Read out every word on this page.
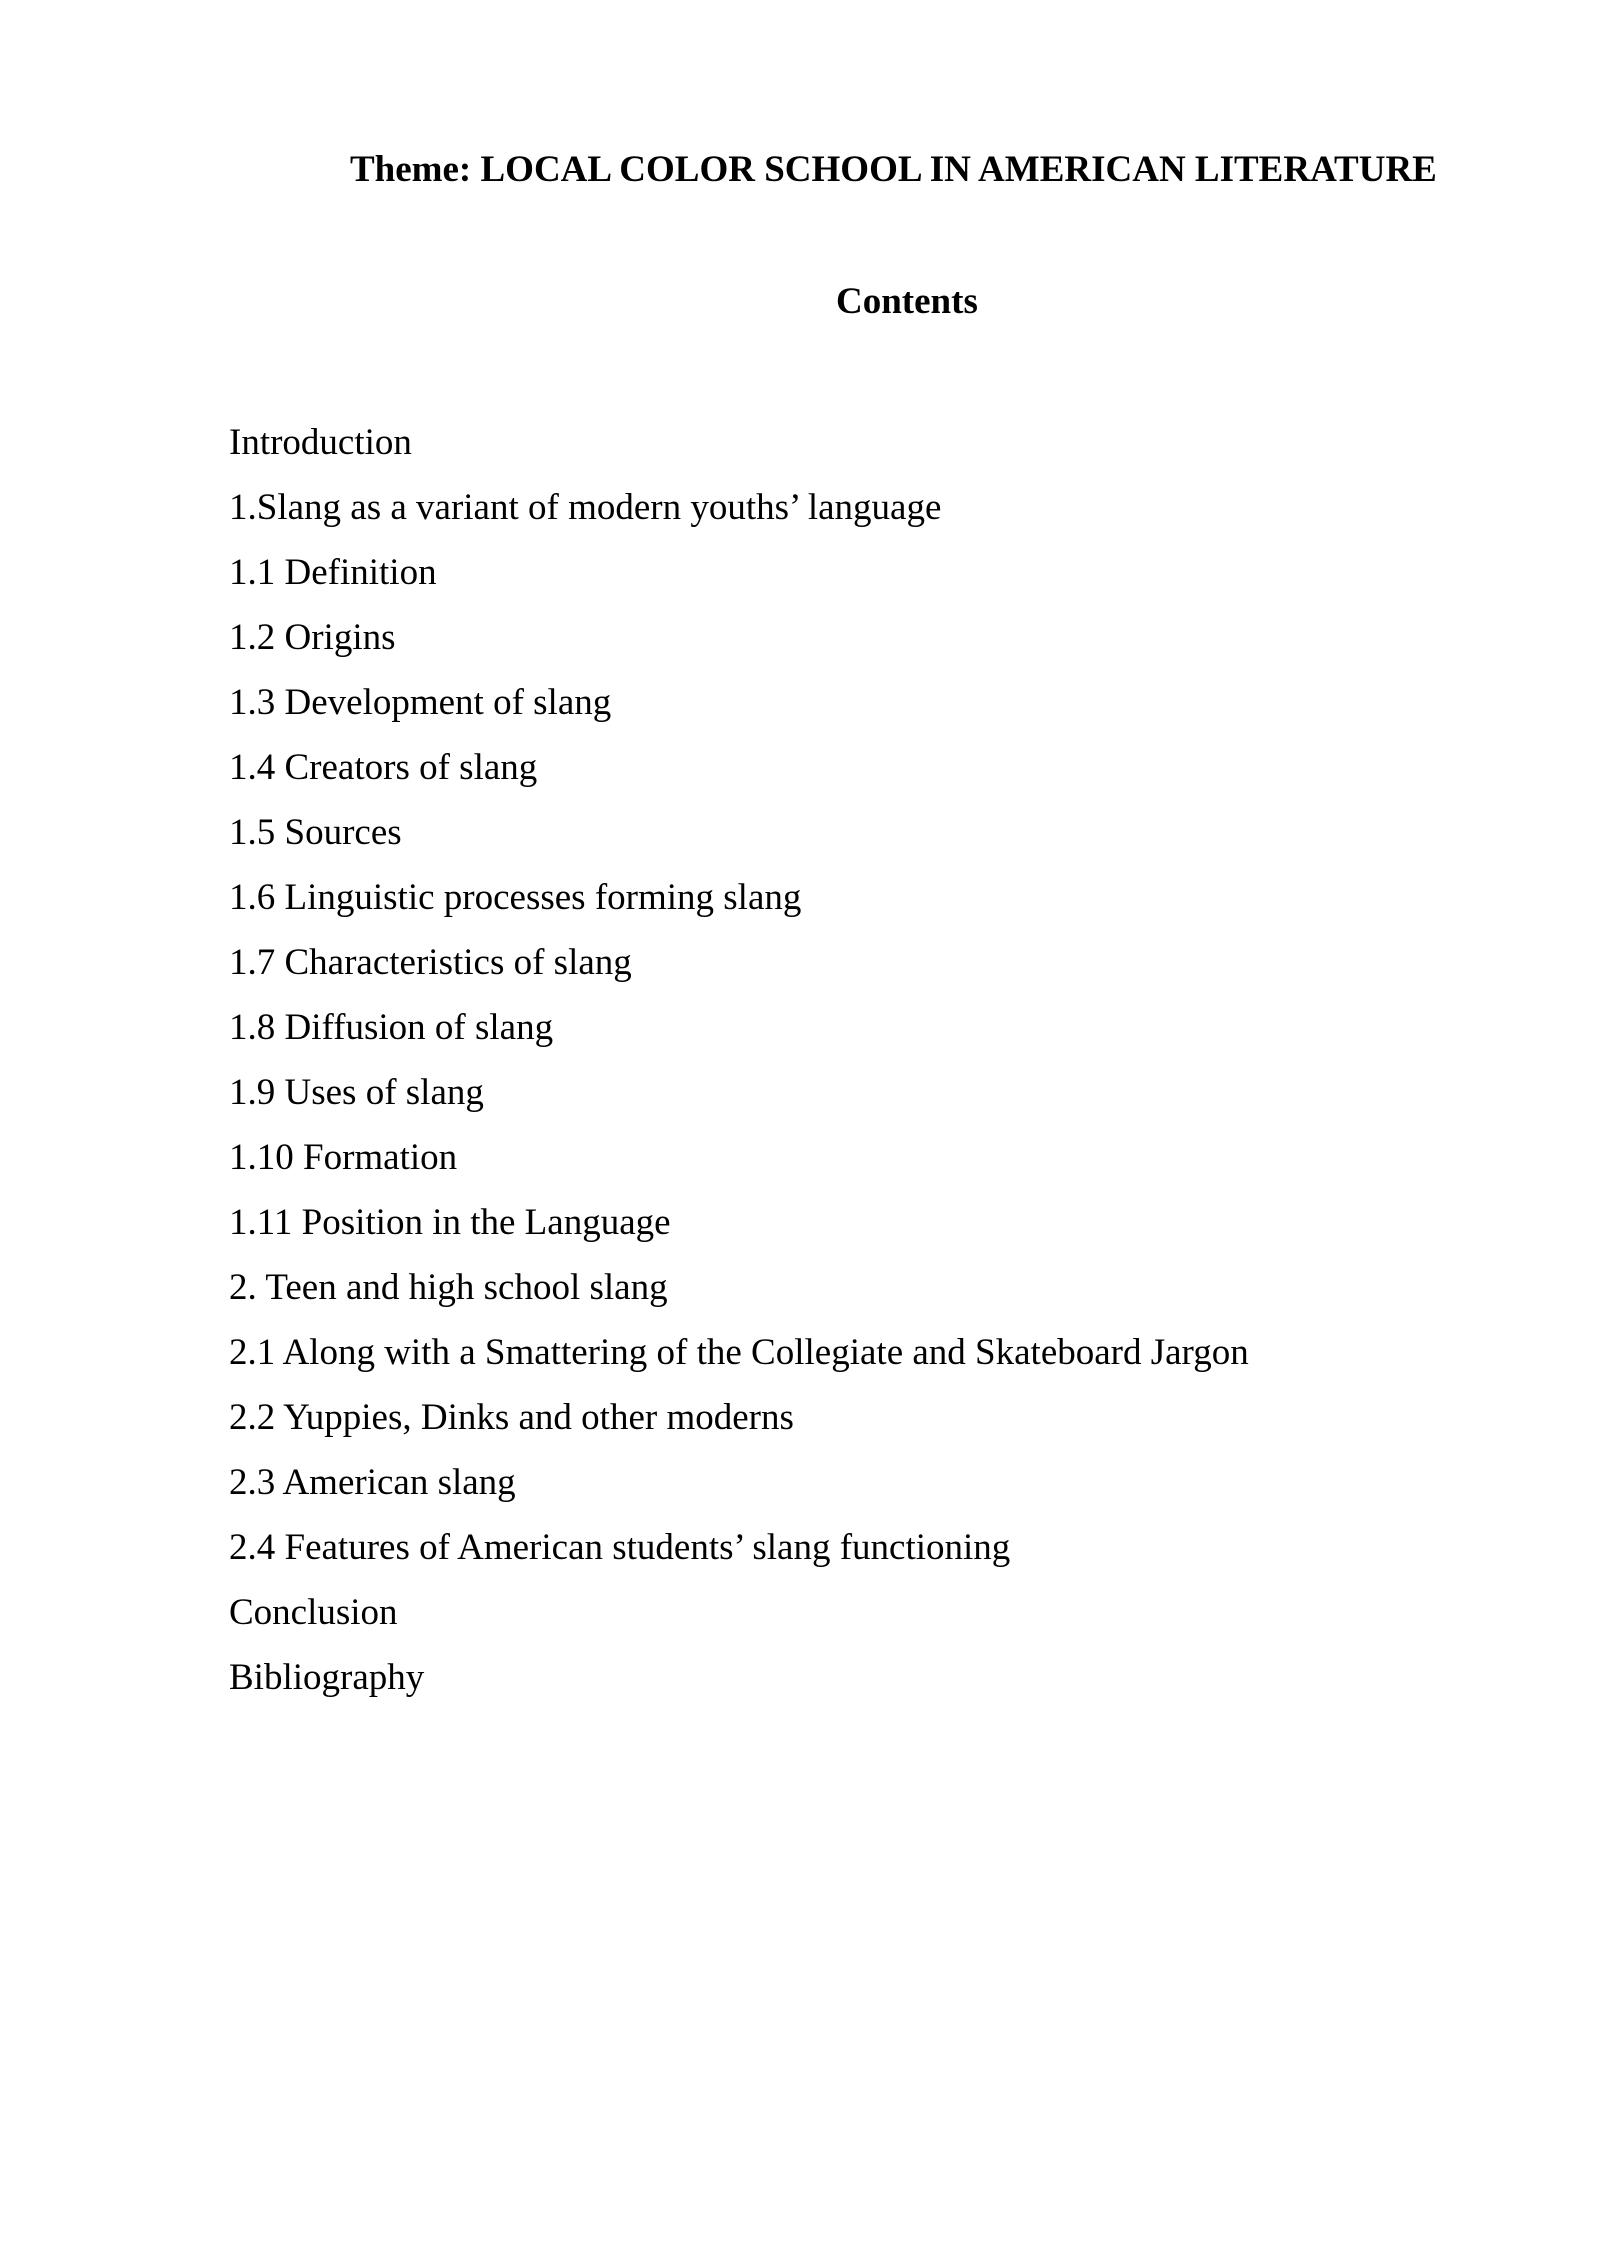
Theme: LOCAL COLOR SCHOOL IN AMERICAN LITERATURE
Contents
Introduction
1.Slang as a variant of modern youths’ language
1.1 Definition
1.2 Origins
1.3 Development of slang
1.4 Creators of slang
1.5 Sources
1.6 Linguistic processes forming slang
1.7 Characteristics of slang
1.8 Diffusion of slang
1.9 Uses of slang
1.10 Formation
1.11 Position in the Language
2. Teen and high school slang
2.1 Along with a Smattering of the Collegiate and Skateboard Jargon
2.2 Yuppies, Dinks and other moderns
2.3 American slang
2.4 Features of American students’ slang functioning
Conclusion
Bibliography
